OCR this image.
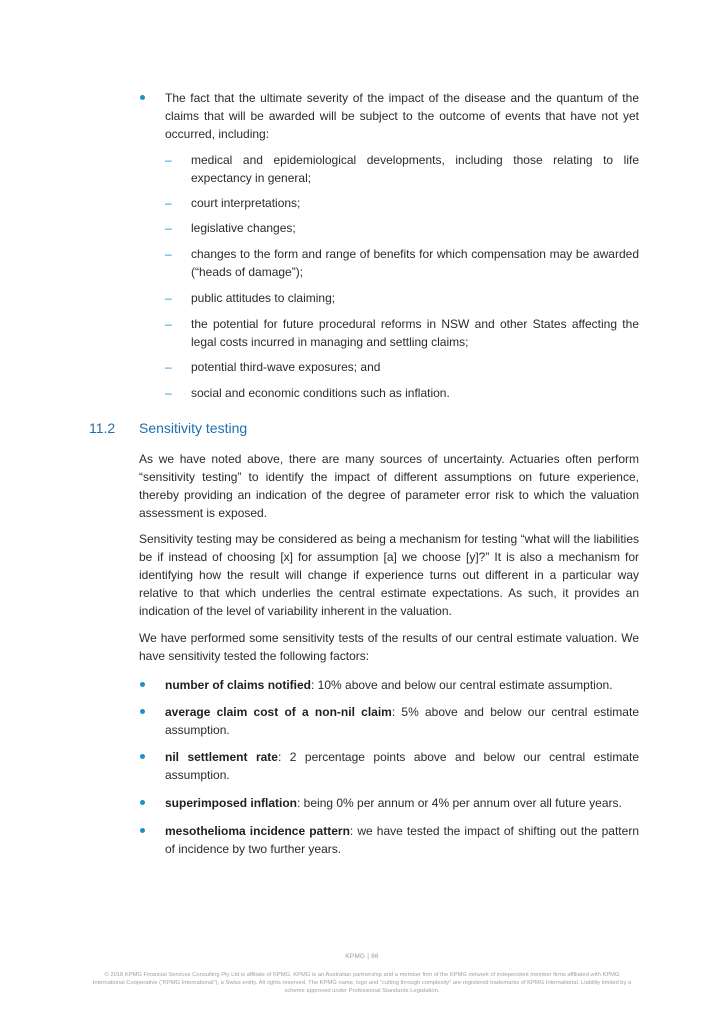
The fact that the ultimate severity of the impact of the disease and the quantum of the claims that will be awarded will be subject to the outcome of events that have not yet occurred, including:
– medical and epidemiological developments, including those relating to life expectancy in general;
– court interpretations;
– legislative changes;
– changes to the form and range of benefits for which compensation may be awarded (“heads of damage”);
– public attitudes to claiming;
– the potential for future procedural reforms in NSW and other States affecting the legal costs incurred in managing and settling claims;
– potential third-wave exposures; and
– social and economic conditions such as inflation.
11.2 Sensitivity testing
As we have noted above, there are many sources of uncertainty. Actuaries often perform “sensitivity testing” to identify the impact of different assumptions on future experience, thereby providing an indication of the degree of parameter error risk to which the valuation assessment is exposed.
Sensitivity testing may be considered as being a mechanism for testing “what will the liabilities be if instead of choosing [x] for assumption [a] we choose [y]?” It is also a mechanism for identifying how the result will change if experience turns out different in a particular way relative to that which underlies the central estimate expectations. As such, it provides an indication of the level of variability inherent in the valuation.
We have performed some sensitivity tests of the results of our central estimate valuation. We have sensitivity tested the following factors:
number of claims notified: 10% above and below our central estimate assumption.
average claim cost of a non-nil claim: 5% above and below our central estimate assumption.
nil settlement rate: 2 percentage points above and below our central estimate assumption.
superimposed inflation: being 0% per annum or 4% per annum over all future years.
mesothelioma incidence pattern: we have tested the impact of shifting out the pattern of incidence by two further years.
KPMG | 86
© 2018 KPMG Financial Services Consulting Pty Ltd is affiliate of KPMG. KPMG is an Australian partnership and a member firm of the KPMG network of independent member firms affiliated with KPMG International Cooperative (“KPMG International”), a Swiss entity. All rights reserved. The KPMG name, logo and “cutting through complexity” are registered trademarks of KPMG International. Liability limited by a scheme approved under Professional Standards Legislation.
